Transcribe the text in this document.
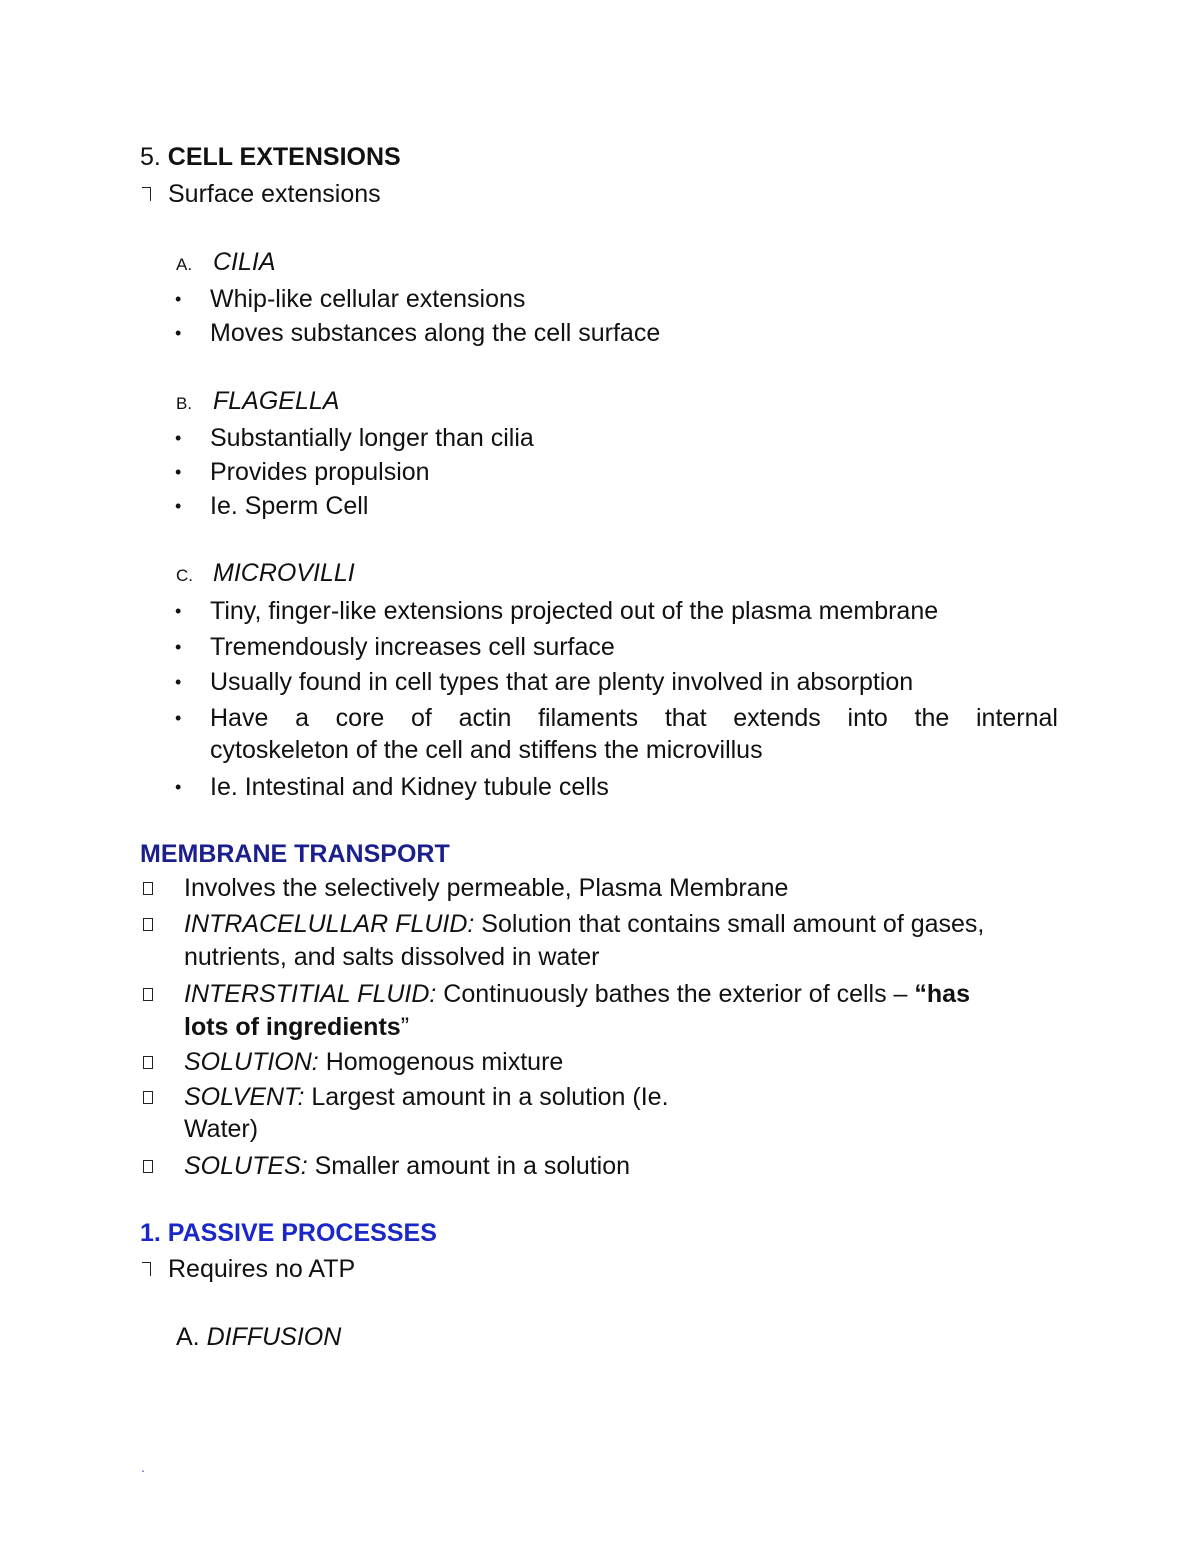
5. CELL EXTENSIONS
Surface extensions
A. CILIA
• Whip-like cellular extensions
• Moves substances along the cell surface
B. FLAGELLA
• Substantially longer than cilia
• Provides propulsion
• Ie. Sperm Cell
C. MICROVILLI
• Tiny, finger-like extensions projected out of the plasma membrane
• Tremendously increases cell surface
• Usually found in cell types that are plenty involved in absorption
• Have a core of actin filaments that extends into the internal
cytoskeleton of the cell and stiffens the microvillus
• Ie. Intestinal and Kidney tubule cells
MEMBRANE TRANSPORT
Involves the selectively permeable, Plasma Membrane
INTRACELULLAR FLUID: Solution that contains small amount of gases,
nutrients, and salts dissolved in water
INTERSTITIAL FLUID: Continuously bathes the exterior of cells – “has
lots of ingredients”
SOLUTION: Homogenous mixture
SOLVENT: Largest amount in a solution (Ie.
Water)
SOLUTES: Smaller amount in a solution
1. PASSIVE PROCESSES
Requires no ATP
A. DIFFUSION
.
